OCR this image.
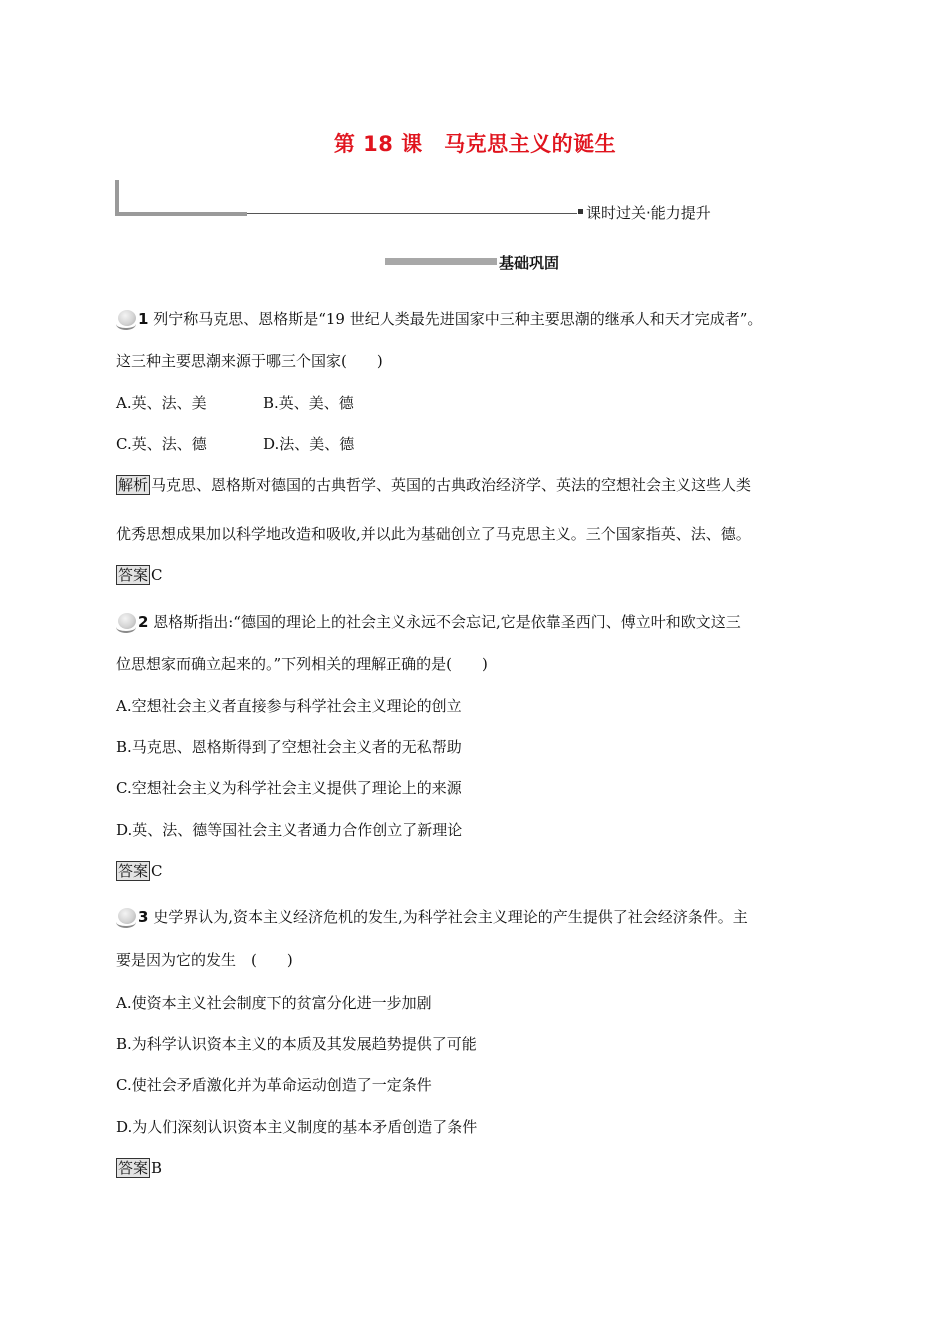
第 18 课　马克思主义的诞生
课时过关·能力提升
基础巩固
1 列宁称马克思、恩格斯是“19 世纪人类最先进国家中三种主要思潮的继承人和天才完成者”。
这三种主要思潮来源于哪三个国家(　　)
A.英、法、美	B.英、美、德
C.英、法、德	D.法、美、德
解析 马克思、恩格斯对德国的古典哲学、英国的古典政治经济学、英法的空想社会主义这些人类
优秀思想成果加以科学地改造和吸收,并以此为基础创立了马克思主义。三个国家指英、法、德。
答案 C
2 恩格斯指出:“德国的理论上的社会主义永远不会忘记,它是依靠圣西门、傅立叶和欧文这三
位思想家而确立起来的。”下列相关的理解正确的是(　　)
A.空想社会主义者直接参与科学社会主义理论的创立
B.马克思、恩格斯得到了空想社会主义者的无私帮助
C.空想社会主义为科学社会主义提供了理论上的来源
D.英、法、德等国社会主义者通力合作创立了新理论
答案 C
3 史学界认为,资本主义经济危机的发生,为科学社会主义理论的产生提供了社会经济条件。主
要是因为它的发生　(　　)
A.使资本主义社会制度下的贫富分化进一步加剧
B.为科学认识资本主义的本质及其发展趋势提供了可能
C.使社会矛盾激化并为革命运动创造了一定条件
D.为人们深刻认识资本主义制度的基本矛盾创造了条件
答案 B
